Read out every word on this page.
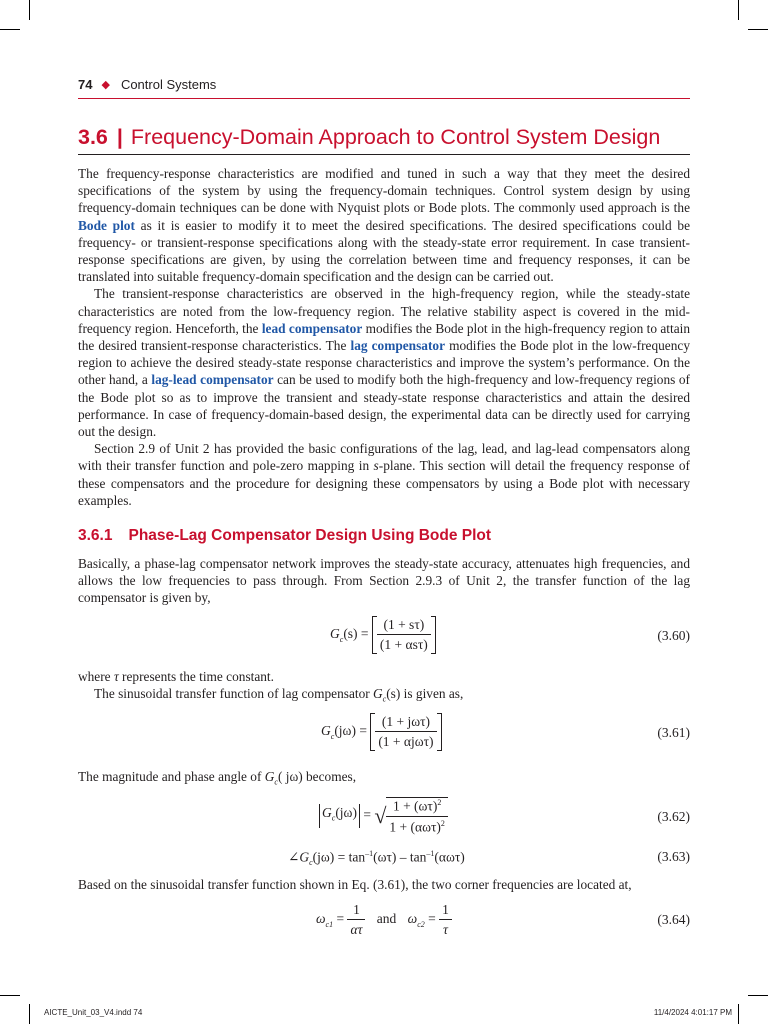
74 ◆ Control Systems
3.6 | Frequency-Domain Approach to Control System Design

The frequency-response characteristics are modified and tuned in such a way that they meet the desired specifications of the system by using the frequency-domain techniques. Control system design by using frequency-domain techniques can be done with Nyquist plots or Bode plots. The commonly used approach is the Bode plot as it is easier to modify it to meet the desired specifications. The desired specifications could be frequency- or transient-response specifications along with the steady-state error requirement. In case transient-response specifications are given, by using the correlation between time and frequency responses, it can be translated into suitable frequency-domain specification and the design can be carried out.

The transient-response characteristics are observed in the high-frequency region, while the steady-state characteristics are noted from the low-frequency region. The relative stability aspect is covered in the mid-frequency region. Henceforth, the lead compensator modifies the Bode plot in the high-frequency region to attain the desired transient-response characteristics. The lag compensator modifies the Bode plot in the low-frequency region to achieve the desired steady-state response characteristics and improve the system’s performance. On the other hand, a lag-lead compensator can be used to modify both the high-frequency and low-frequency regions of the Bode plot so as to improve the transient and steady-state response characteristics and attain the desired performance. In case of frequency-domain-based design, the experimental data can be directly used for carrying out the design.

Section 2.9 of Unit 2 has provided the basic configurations of the lag, lead, and lag-lead compensators along with their transfer function and pole-zero mapping in s-plane. This section will detail the frequency response of these compensators and the procedure for designing these compensators by using a Bode plot with necessary examples.

3.6.1 Phase-Lag Compensator Design Using Bode Plot

Basically, a phase-lag compensator network improves the steady-state accuracy, attenuates high frequencies, and allows the low frequencies to pass through. From Section 2.9.3 of Unit 2, the transfer function of the lag compensator is given by,

$G_c(s) = \frac{(1 + s\tau)}{\text{(1 + αsτ)}}$	(3.60)
where τ represents the time constant.
The sinusoidal transfer function of lag compensator $G_c(s)$ is given as,
$G_c(j\omega) = \frac{\text{(1 + jωτ)}}{\text{(1 + αjωτ)}}$	(3.61)
The magnitude and phase angle of $G_c$( jω) becomes,
$G_c(j\omega)$ = √ $\frac{1 + (\omega\tau)^2}{1 + (\alpha\omega\tau)^2}$	(3.62)
$\angle G_c(j\omega) = \tan^{-1}(\omega\tau) - \tan^{-1}(\alpha\omega\tau)$	(3.63)
Based on the sinusoidal transfer function shown in Eq. (3.61), the two corner frequencies are located at,
$\omega_{c1} = \frac{1}{\alpha\tau}$ and $\omega_{c2} = \frac{1}{\tau}$	(3.64)
AICTE_Unit_03_V4.indd 74	11/4/2024 4:01:17 PM
